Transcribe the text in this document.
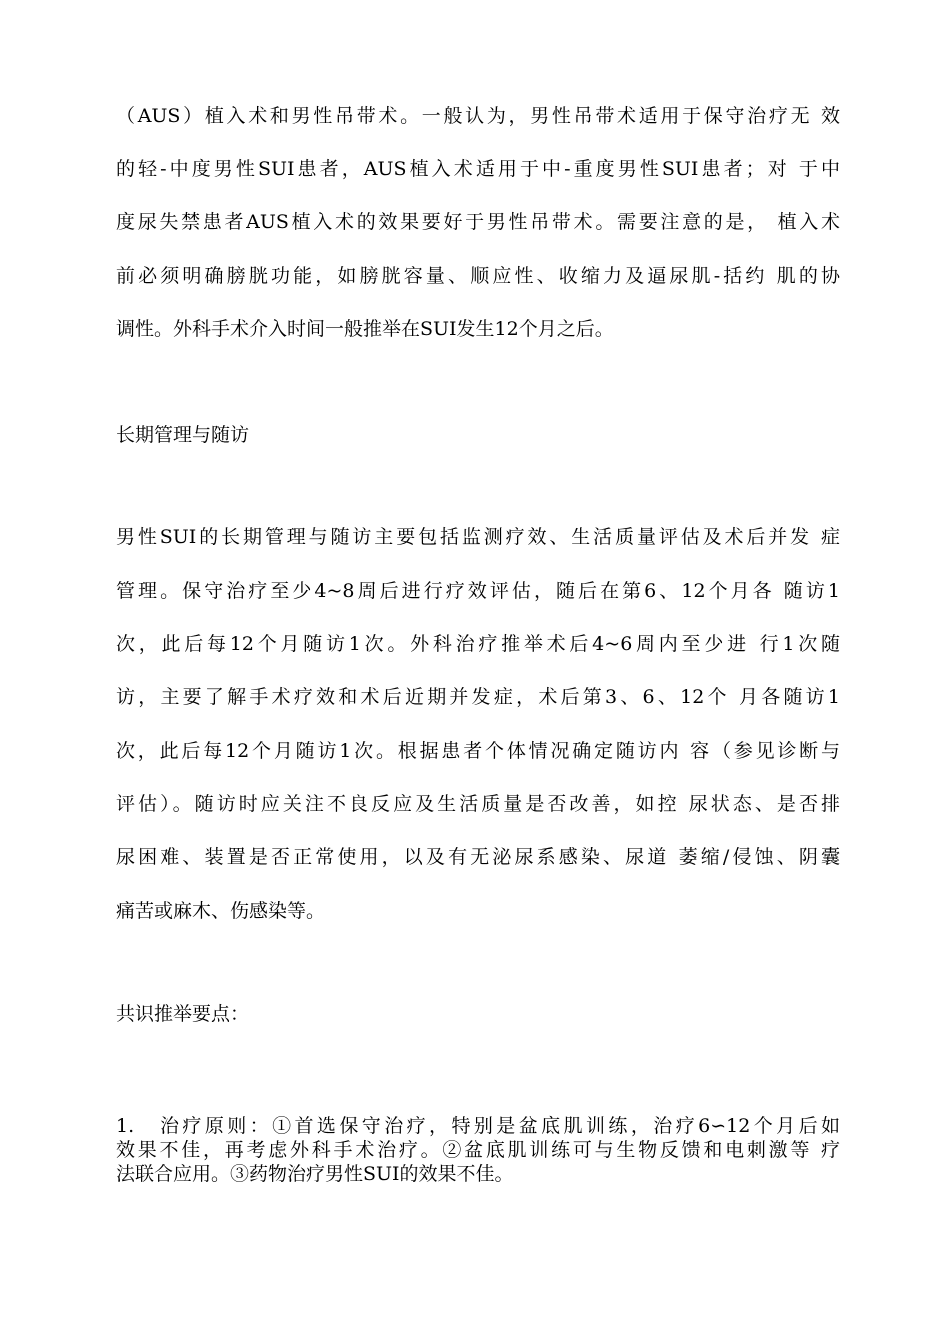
（AUS）植入术和男性吊带术。一般认为，男性吊带术适用于保守治疗无 效
的轻-中度男性SUI患者，AUS植入术适用于中-重度男性SUI患者；对 于中
度尿失禁患者AUS植入术的效果要好于男性吊带术。需要注意的是， 植入术
前必须明确膀胱功能，如膀胱容量、顺应性、收缩力及逼尿肌-括约 肌的协
调性。外科手术介入时间一般推举在SUI发生12个月之后。
长期管理与随访
男性SUI的长期管理与随访主要包括监测疗效、生活质量评估及术后并发 症
管理。保守治疗至少4~8周后进行疗效评估，随后在第6、12个月各 随访1
次，此后每12个月随访1次。外科治疗推举术后4~6周内至少进 行1次随
访，主要了解手术疗效和术后近期并发症，术后第3、6、12个 月各随访1
次，此后每12个月随访1次。根据患者个体情况确定随访内 容（参见诊断与
评估）。随访时应关注不良反应及生活质量是否改善，如控 尿状态、是否排
尿困难、装置是否正常使用，以及有无泌尿系感染、尿道 萎缩/侵蚀、阴囊
痛苦或麻木、伤感染等。
共识推举要点：
1.　治疗原则：①首选保守治疗，特别是盆底肌训练，治疗6∽12个月后如
效果不佳，再考虑外科手术治疗。②盆底肌训练可与生物反馈和电刺激等 疗
法联合应用。③药物治疗男性SUI的效果不佳。
